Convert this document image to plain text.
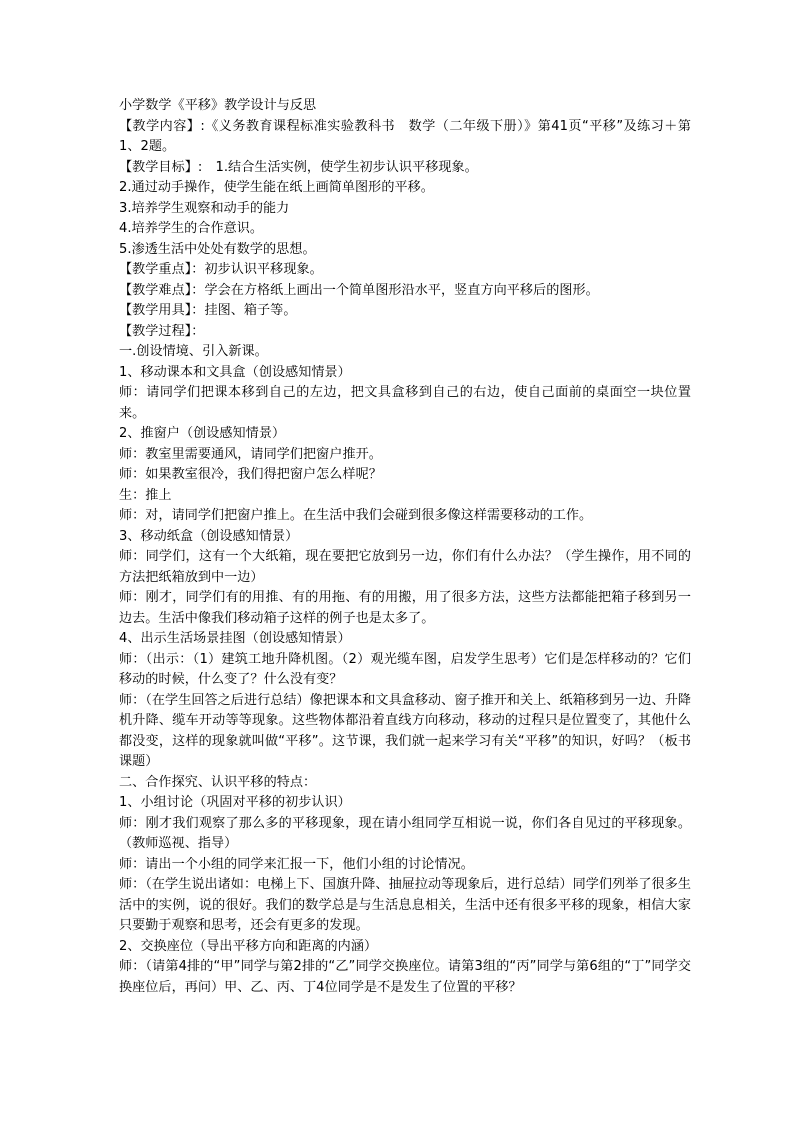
小学数学《平移》教学设计与反思

【教学内容】:《义务教育课程标准实验教科书　数学（二年级下册）》第41页“平移”及练习＋第1、2题。

【教学目标】:　1.结合生活实例，使学生初步认识平移现象。

2.通过动手操作，使学生能在纸上画简单图形的平移。

3.培养学生观察和动手的能力

4.培养学生的合作意识。

5.渗透生活中处处有数学的思想。

【教学重点】：初步认识平移现象。

【教学难点】：学会在方格纸上画出一个简单图形沿水平，竖直方向平移后的图形。

【教学用具】：挂图、箱子等。

【教学过程】：

一.创设情境、引入新课。

1、移动课本和文具盒（创设感知情景）

师：请同学们把课本移到自己的左边，把文具盒移到自己的右边，使自己面前的桌面空一块位置来。

2、推窗户（创设感知情景）

师：教室里需要通风，请同学们把窗户推开。

师：如果教室很冷，我们得把窗户怎么样呢？

生：推上

师：对，请同学们把窗户推上。在生活中我们会碰到很多像这样需要移动的工作。

3、移动纸盒（创设感知情景）

师：同学们，这有一个大纸箱，现在要把它放到另一边，你们有什么办法？（学生操作，用不同的方法把纸箱放到中一边）

师：刚才，同学们有的用推、有的用拖、有的用搬，用了很多方法，这些方法都能把箱子移到另一边去。生活中像我们移动箱子这样的例子也是太多了。

4、出示生活场景挂图（创设感知情景）

师：（出示：（1）建筑工地升降机图。（2）观光缆车图，启发学生思考）它们是怎样移动的？它们移动的时候，什么变了？什么没有变？

师：（在学生回答之后进行总结）像把课本和文具盒移动、窗子推开和关上、纸箱移到另一边、升降机升降、缆车开动等等现象。这些物体都沿着直线方向移动，移动的过程只是位置变了，其他什么都没变，这样的现象就叫做“平移”。这节课，我们就一起来学习有关“平移”的知识，好吗？（板书课题）

二、合作探究、认识平移的特点：

1、小组讨论（巩固对平移的初步认识）

师：刚才我们观察了那么多的平移现象，现在请小组同学互相说一说，你们各自见过的平移现象。（教师巡视、指导）

师：请出一个小组的同学来汇报一下，他们小组的讨论情况。

师：（在学生说出诸如：电梯上下、国旗升降、抽屉拉动等现象后，进行总结）同学们列举了很多生活中的实例，说的很好。我们的数学总是与生活息息相关，生活中还有很多平移的现象，相信大家只要勤于观察和思考，还会有更多的发现。

2、交换座位（导出平移方向和距离的内涵）

师：（请第4排的“甲”同学与第2排的“乙”同学交换座位。请第3组的“丙”同学与第6组的“丁”同学交换座位后，再问）甲、乙、丙、丁4位同学是不是发生了位置的平移？
